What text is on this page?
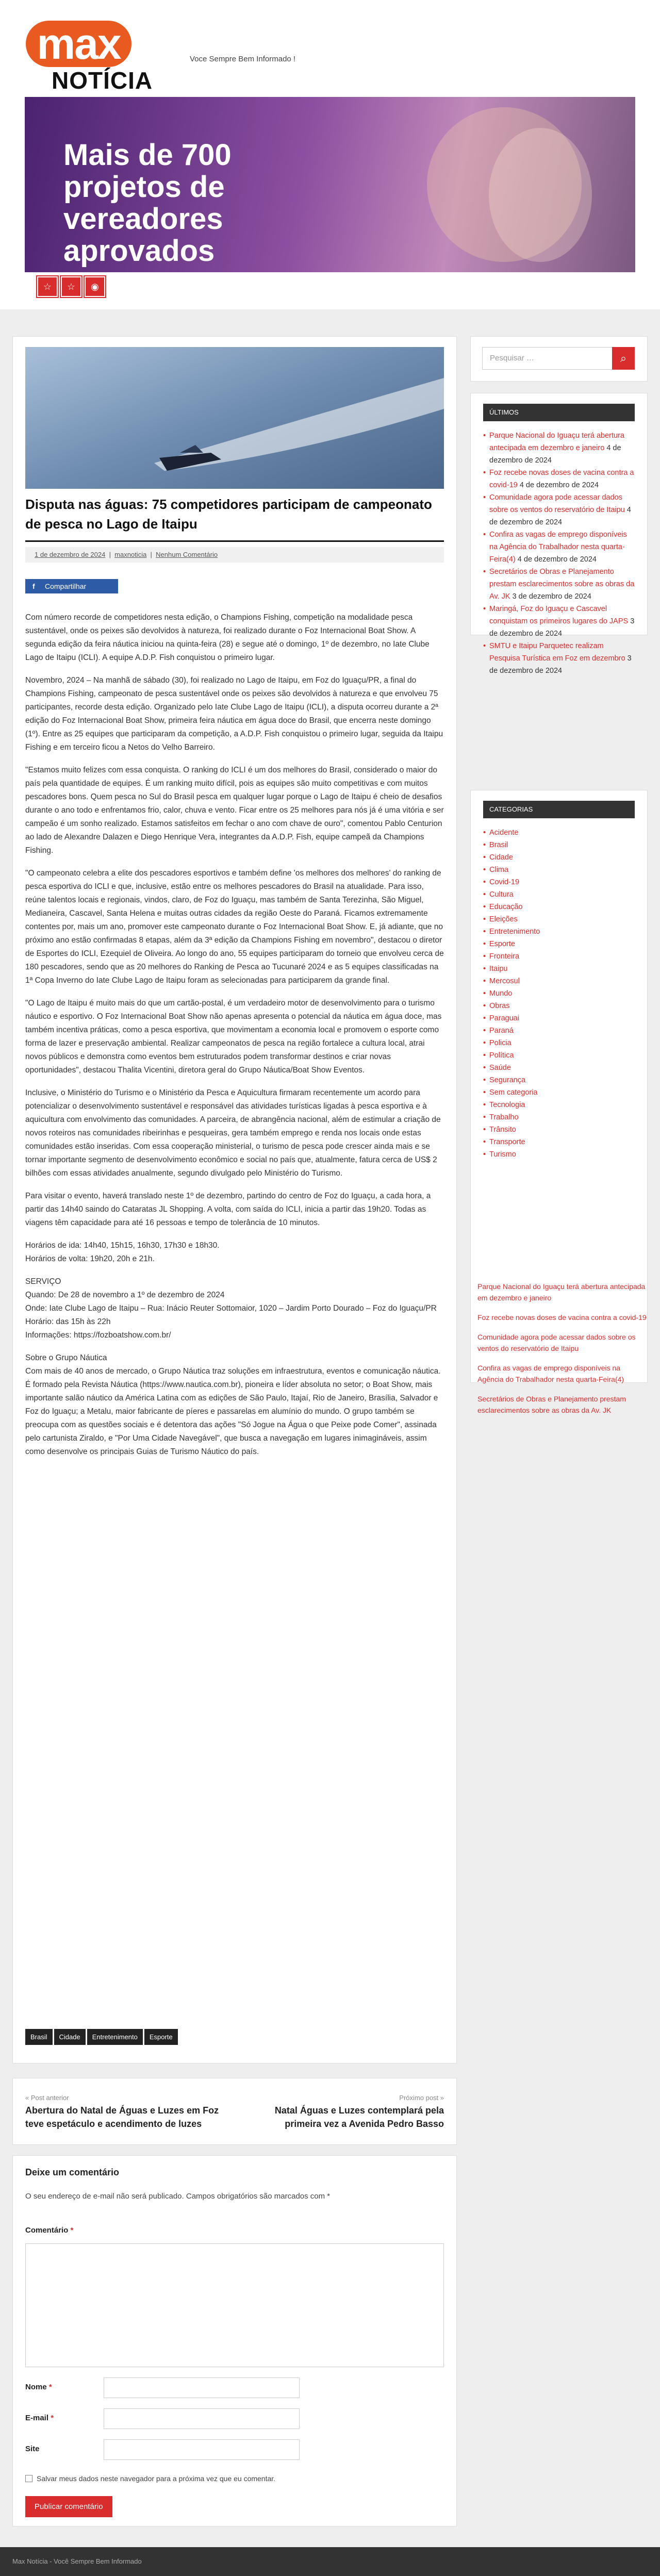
max
NOTÍCIA
Voce Sempre Bem Informado !
Mais de 700 projetos de vereadores aprovados
☆	☆	◉
Disputa nas águas: 75 competidores participam de campeonato de pesca no Lago de Itaipu
1 de dezembro de 2024  |  maxnoticia  |  Nenhum Comentário
f Compartilhar

Com número recorde de competidores nesta edição, o Champions Fishing, competição na modalidade pesca sustentável, onde os peixes são devolvidos à natureza, foi realizado durante o Foz Internacional Boat Show. A segunda edição da feira náutica iniciou na quinta-feira (28) e segue até o domingo, 1º de dezembro, no Iate Clube Lago de Itaipu (ICLI). A equipe A.D.P. Fish conquistou o primeiro lugar.

Novembro, 2024 – Na manhã de sábado (30), foi realizado no Lago de Itaipu, em Foz do Iguaçu/PR, a final do Champions Fishing, campeonato de pesca sustentável onde os peixes são devolvidos à natureza e que envolveu 75 participantes, recorde desta edição. Organizado pelo Iate Clube Lago de Itaipu (ICLI), a disputa ocorreu durante a 2ª edição do Foz Internacional Boat Show, primeira feira náutica em água doce do Brasil, que encerra neste domingo (1º). Entre as 25 equipes que participaram da competição, a A.D.P. Fish conquistou o primeiro lugar, seguida da Itaipu Fishing e em terceiro ficou a Netos do Velho Barreiro.

"Estamos muito felizes com essa conquista. O ranking do ICLI é um dos melhores do Brasil, considerado o maior do país pela quantidade de equipes. É um ranking muito difícil, pois as equipes são muito competitivas e com muitos pescadores bons. Quem pesca no Sul do Brasil pesca em qualquer lugar porque o Lago de Itaipu é cheio de desafios durante o ano todo e enfrentamos frio, calor, chuva e vento. Ficar entre os 25 melhores para nós já é uma vitória e ser campeão é um sonho realizado. Estamos satisfeitos em fechar o ano com chave de ouro", comentou Pablo Centurion ao lado de Alexandre Dalazen e Diego Henrique Vera, integrantes da A.D.P. Fish, equipe campeã da Champions Fishing.

"O campeonato celebra a elite dos pescadores esportivos e também define 'os melhores dos melhores' do ranking de pesca esportiva do ICLI e que, inclusive, estão entre os melhores pescadores do Brasil na atualidade. Para isso, reúne talentos locais e regionais, vindos, claro, de Foz do Iguaçu, mas também de Santa Terezinha, São Miguel, Medianeira, Cascavel, Santa Helena e muitas outras cidades da região Oeste do Paraná. Ficamos extremamente contentes por, mais um ano, promover este campeonato durante o Foz Internacional Boat Show. E, já adiante, que no próximo ano estão confirmadas 8 etapas, além da 3ª edição da Champions Fishing em novembro", destacou o diretor de Esportes do ICLI, Ezequiel de Oliveira. Ao longo do ano, 55 equipes participaram do torneio que envolveu cerca de 180 pescadores, sendo que as 20 melhores do Ranking de Pesca ao Tucunaré 2024 e as 5 equipes classificadas na 1ª Copa Inverno do Iate Clube Lago de Itaipu foram as selecionadas para participarem da grande final.

"O Lago de Itaipu é muito mais do que um cartão-postal, é um verdadeiro motor de desenvolvimento para o turismo náutico e esportivo. O Foz Internacional Boat Show não apenas apresenta o potencial da náutica em água doce, mas também incentiva práticas, como a pesca esportiva, que movimentam a economia local e promovem o esporte como forma de lazer e preservação ambiental. Realizar campeonatos de pesca na região fortalece a cultura local, atrai novos públicos e demonstra como eventos bem estruturados podem transformar destinos e criar novas oportunidades", destacou Thalita Vicentini, diretora geral do Grupo Náutica/Boat Show Eventos.

Inclusive, o Ministério do Turismo e o Ministério da Pesca e Aquicultura firmaram recentemente um acordo para potencializar o desenvolvimento sustentável e responsável das atividades turísticas ligadas à pesca esportiva e à aquicultura com envolvimento das comunidades. A parceira, de abrangência nacional, além de estimular a criação de novos roteiros nas comunidades ribeirinhas e pesqueiras, gera também emprego e renda nos locais onde estas comunidades estão inseridas. Com essa cooperação ministerial, o turismo de pesca pode crescer ainda mais e se tornar importante segmento de desenvolvimento econômico e social no país que, atualmente, fatura cerca de US$ 2 bilhões com essas atividades anualmente, segundo divulgado pelo Ministério do Turismo.

Para visitar o evento, haverá translado neste 1º de dezembro, partindo do centro de Foz do Iguaçu, a cada hora, a partir das 14h40 saindo do Cataratas JL Shopping. A volta, com saída do ICLI, inicia a partir das 19h20. Todas as viagens têm capacidade para até 16 pessoas e tempo de tolerância de 10 minutos.

Horários de ida: 14h40, 15h15, 16h30, 17h30 e 18h30.
Horários de volta: 19h20, 20h e 21h.

SERVIÇO
Quando: De 28 de novembro a 1º de dezembro de 2024
Onde: Iate Clube Lago de Itaipu – Rua: Inácio Reuter Sottomaior, 1020 – Jardim Porto Dourado – Foz do Iguaçu/PR
Horário: das 15h às 22h
Informações: https://fozboatshow.com.br/

Sobre o Grupo Náutica
Com mais de 40 anos de mercado, o Grupo Náutica traz soluções em infraestrutura, eventos e comunicação náutica. É formado pela Revista Náutica (https://www.nautica.com.br), pioneira e líder absoluta no setor; o Boat Show, mais importante salão náutico da América Latina com as edições de São Paulo, Itajaí, Rio de Janeiro, Brasília, Salvador e Foz do Iguaçu; a Metalu, maior fabricante de píeres e passarelas em alumínio do mundo. O grupo também se preocupa com as questões sociais e é detentora das ações "Só Jogue na Água o que Peixe pode Comer", assinada pelo cartunista Ziraldo, e "Por Uma Cidade Navegável", que busca a navegação em lugares inimagináveis, assim como desenvolve os principais Guias de Turismo Náutico do país.

Brasil	Cidade	Entretenimento	Esporte
« Post anterior
Abertura do Natal de Águas e Luzes em Foz teve espetáculo e acendimento de luzes
Próximo post »
Natal Águas e Luzes contemplará pela primeira vez a Avenida Pedro Basso
Deixe um comentário
O seu endereço de e-mail não será publicado. Campos obrigatórios são marcados com *
Comentário *
Nome *
E-mail *
Site
Salvar meus dados neste navegador para a próxima vez que eu comentar.
Publicar comentário
Pesquisar …	⌕
ÚLTIMOS
• Parque Nacional do Iguaçu terá abertura antecipada em dezembro e janeiro 4 de dezembro de 2024
• Foz recebe novas doses de vacina contra a covid-19 4 de dezembro de 2024
• Comunidade agora pode acessar dados sobre os ventos do reservatório de Itaipu 4 de dezembro de 2024
• Confira as vagas de emprego disponíveis na Agência do Trabalhador nesta quarta-Feira(4) 4 de dezembro de 2024
• Secretários de Obras e Planejamento prestam esclarecimentos sobre as obras da Av. JK 3 de dezembro de 2024
• Maringá, Foz do Iguaçu e Cascavel conquistam os primeiros lugares do JAPS 3 de dezembro de 2024
• SMTU e Itaipu Parquetec realizam Pesquisa Turística em Foz em dezembro 3 de dezembro de 2024
CATEGORIAS
• Acidente
• Brasil
• Cidade
• Clima
• Covid-19
• Cultura
• Educação
• Eleições
• Entretenimento
• Esporte
• Fronteira
• Itaipu
• Mercosul
• Mundo
• Obras
• Paraguai
• Paraná
• Policia
• Política
• Saúde
• Segurança
• Sem categoria
• Tecnologia
• Trabalho
• Trânsito
• Transporte
• Turismo
Parque Nacional do Iguaçu terá abertura antecipada em dezembro e janeiro
Foz recebe novas doses de vacina contra a covid-19
Comunidade agora pode acessar dados sobre os ventos do reservatório de Itaipu
Confira as vagas de emprego disponíveis na Agência do Trabalhador nesta quarta-Feira(4)
Secretários de Obras e Planejamento prestam esclarecimentos sobre as obras da Av. JK
Max Notícia - Você Sempre Bem Informado
